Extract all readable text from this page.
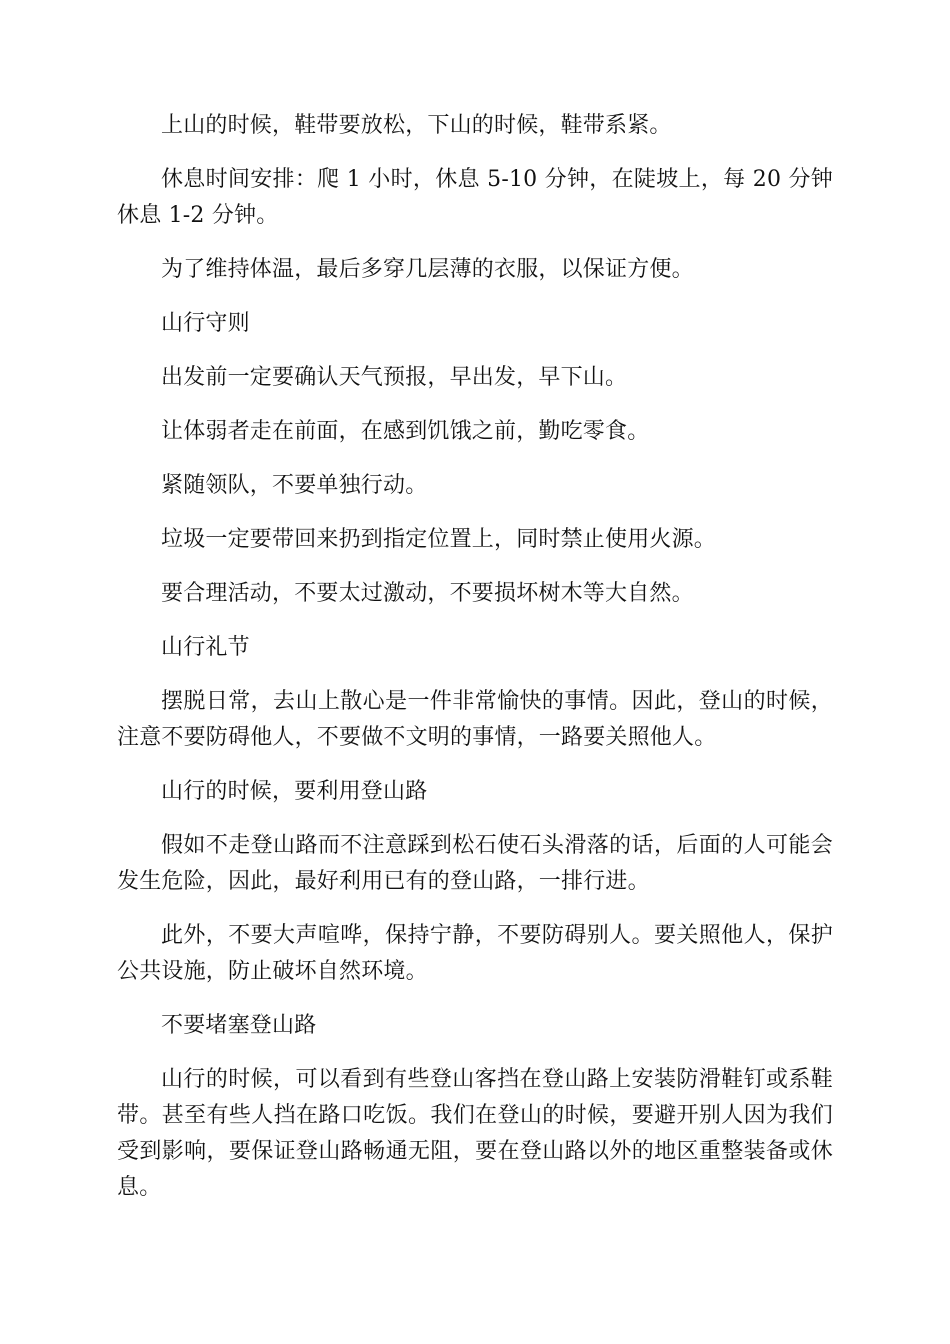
上山的时候，鞋带要放松，下山的时候，鞋带系紧。

休息时间安排：爬 1 小时，休息 5-10 分钟，在陡坡上，每 20 分钟休息 1-2 分钟。

为了维持体温，最后多穿几层薄的衣服，以保证方便。

山行守则

出发前一定要确认天气预报，早出发，早下山。

让体弱者走在前面，在感到饥饿之前，勤吃零食。

紧随领队，不要单独行动。

垃圾一定要带回来扔到指定位置上，同时禁止使用火源。

要合理活动，不要太过激动，不要损坏树木等大自然。

山行礼节

摆脱日常，去山上散心是一件非常愉快的事情。因此，登山的时候，注意不要防碍他人，不要做不文明的事情，一路要关照他人。

山行的时候，要利用登山路

假如不走登山路而不注意踩到松石使石头滑落的话，后面的人可能会发生危险，因此，最好利用已有的登山路，一排行进。

此外，不要大声喧哗，保持宁静，不要防碍别人。要关照他人，保护公共设施，防止破坏自然环境。

不要堵塞登山路

山行的时候，可以看到有些登山客挡在登山路上安装防滑鞋钉或系鞋带。甚至有些人挡在路口吃饭。我们在登山的时候，要避开别人因为我们受到影响，要保证登山路畅通无阻，要在登山路以外的地区重整装备或休息。
